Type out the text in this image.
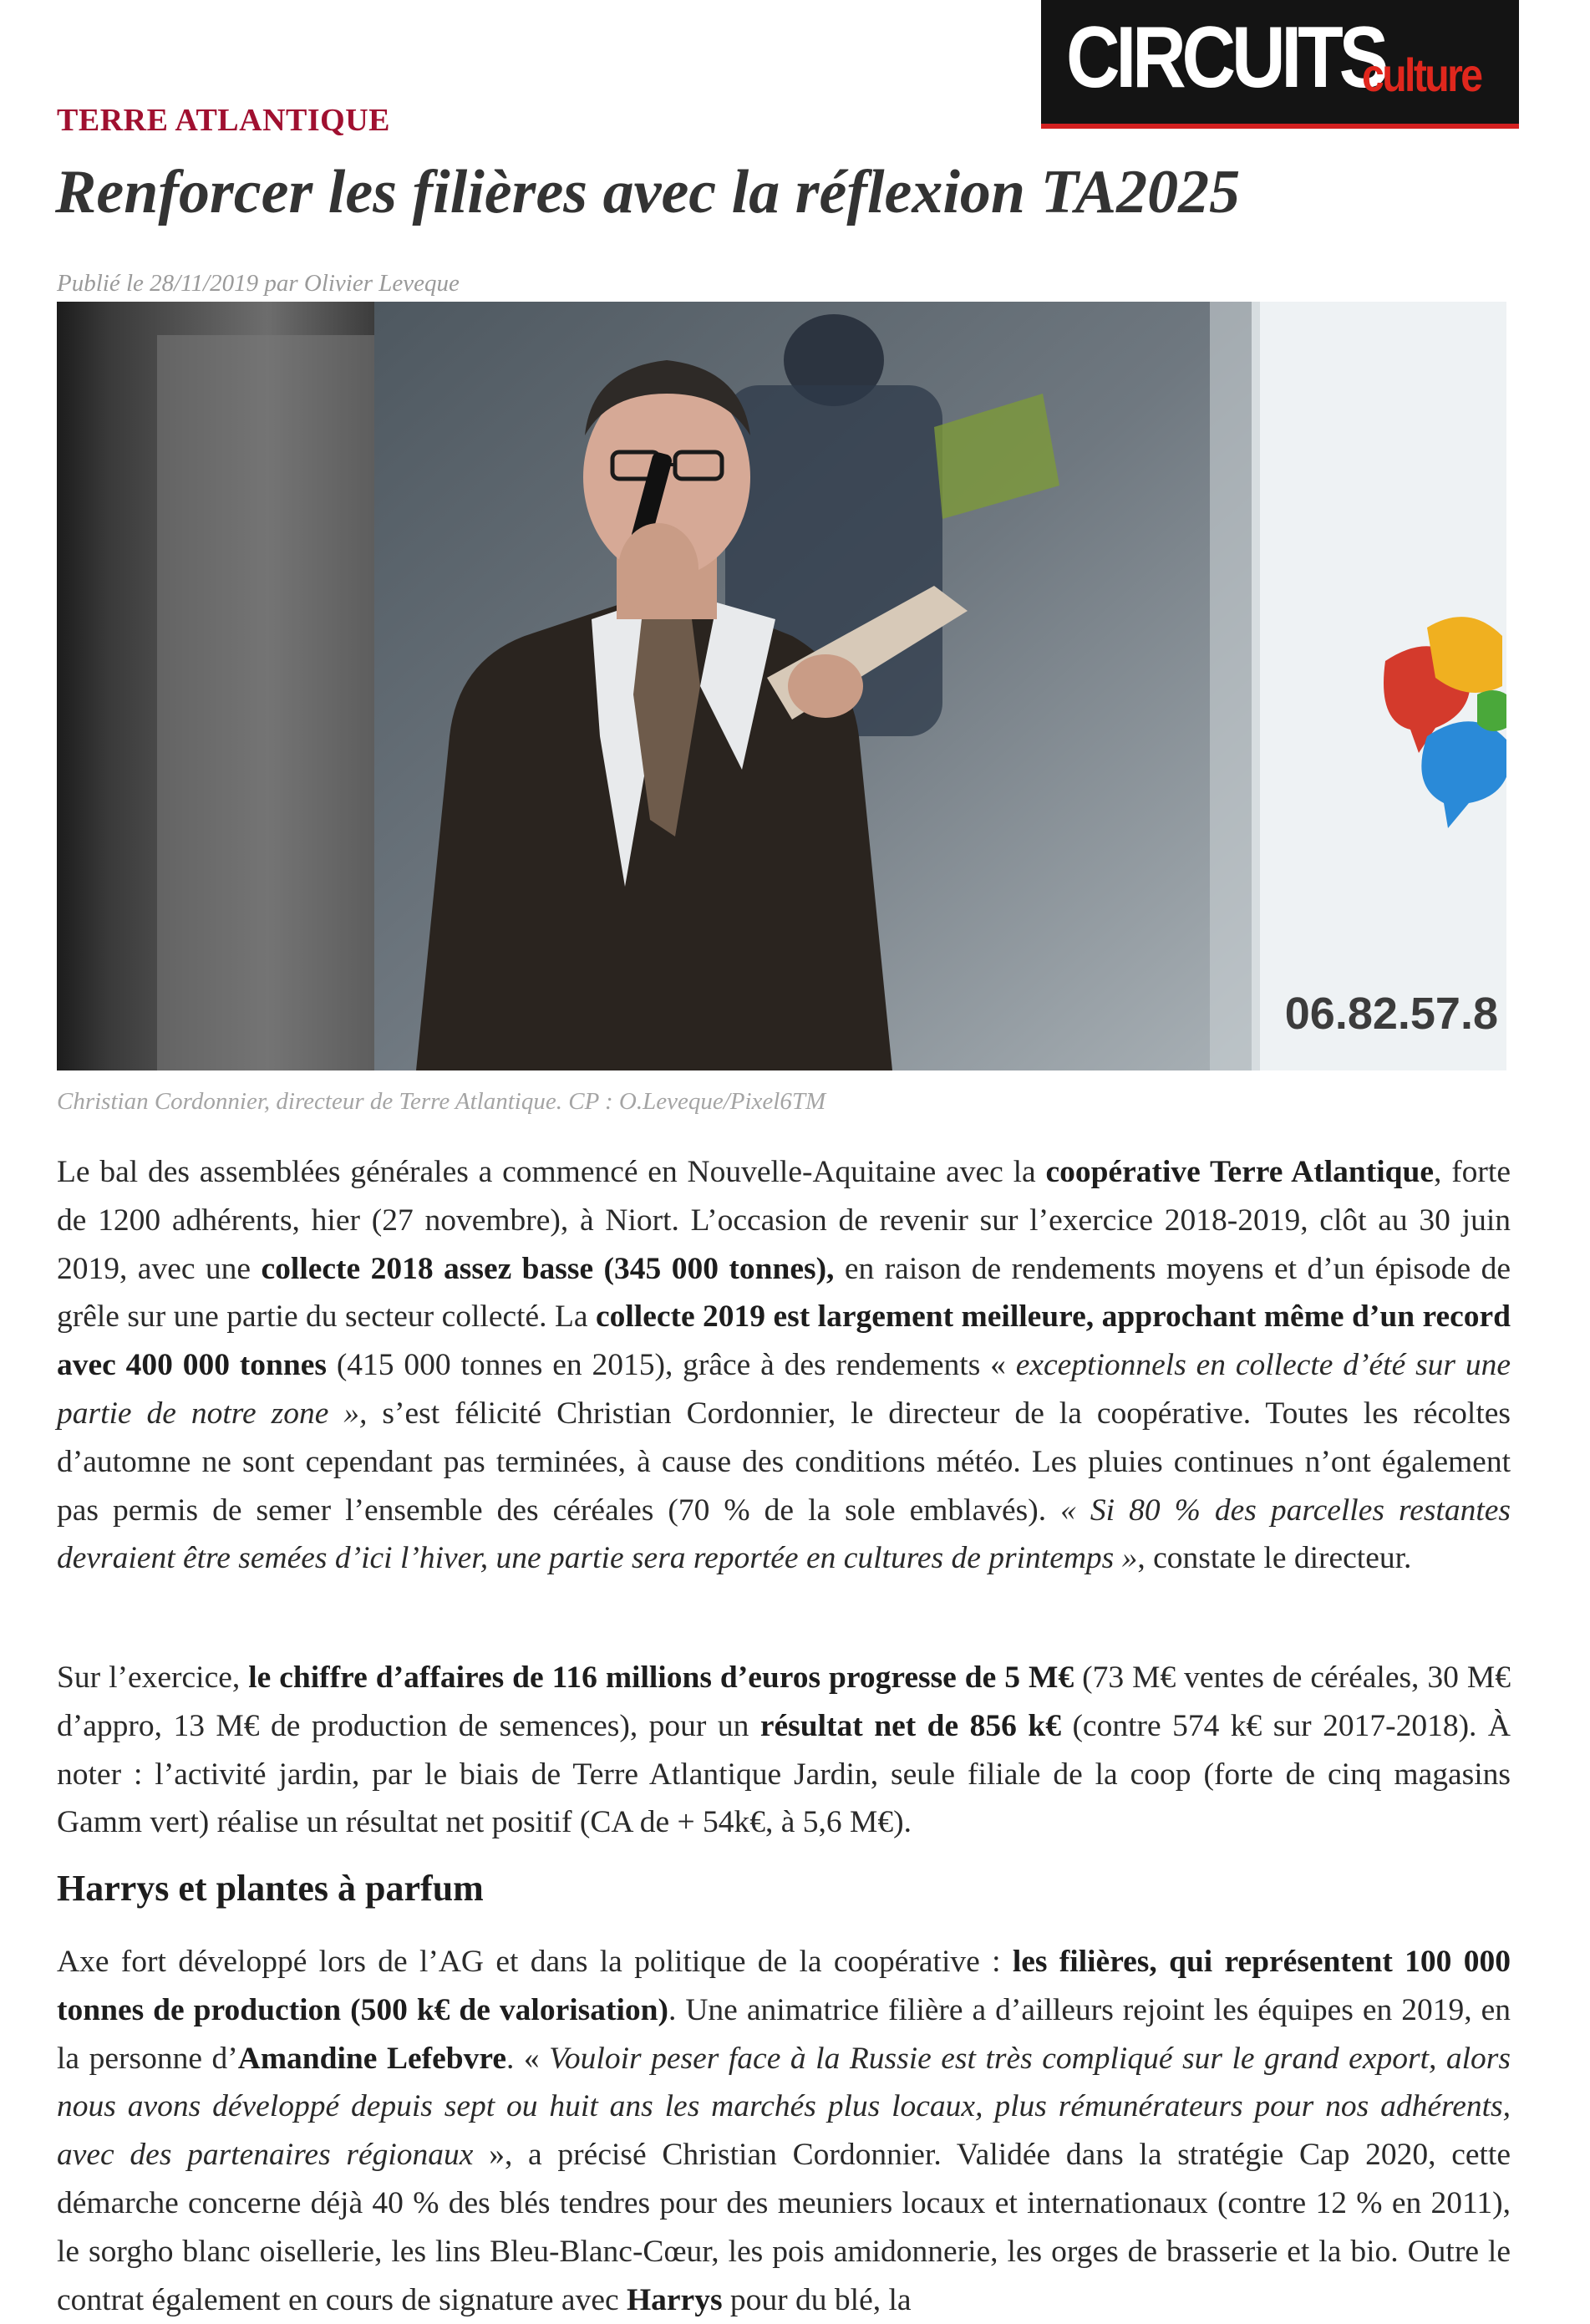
CIRCUITS
culture
TERRE ATLANTIQUE
Renforcer les filières avec la réflexion TA2025
Publié le 28/11/2019 par Olivier Leveque
06.82.57.8
Christian Cordonnier, directeur de Terre Atlantique. CP : O.Leveque/Pixel6TM

Le bal des assemblées générales a commencé en Nouvelle-Aquitaine avec la coopérative Terre Atlantique, forte de 1200 adhérents, hier (27 novembre), à Niort. L’occasion de revenir sur l’exercice 2018-2019, clôt au 30 juin 2019, avec une collecte 2018 assez basse (345 000 tonnes), en raison de rendements moyens et d’un épisode de grêle sur une partie du secteur collecté. La collecte 2019 est largement meilleure, approchant même d’un record avec 400 000 tonnes (415 000 tonnes en 2015), grâce à des rendements « exceptionnels en collecte d’été sur une partie de notre zone », s’est félicité Christian Cordonnier, le directeur de la coopérative. Toutes les récoltes d’automne ne sont cependant pas terminées, à cause des conditions météo. Les pluies continues n’ont également pas permis de semer l’ensemble des céréales (70 % de la sole emblavés). « Si 80 % des parcelles restantes devraient être semées d’ici l’hiver, une partie sera reportée en cultures de printemps », constate le directeur.

Sur l’exercice, le chiffre d’affaires de 116 millions d’euros progresse de 5 M€ (73 M€ ventes de céréales, 30 M€ d’appro, 13 M€ de production de semences), pour un résultat net de 856 k€ (contre 574 k€ sur 2017-2018). À noter : l’activité jardin, par le biais de Terre Atlantique Jardin, seule filiale de la coop (forte de cinq magasins Gamm vert) réalise un résultat net positif (CA de + 54k€, à 5,6 M€).

Harrys et plantes à parfum

Axe fort développé lors de l’AG et dans la politique de la coopérative : les filières, qui représentent 100 000 tonnes de production (500 k€ de valorisation). Une animatrice filière a d’ailleurs rejoint les équipes en 2019, en la personne d’Amandine Lefebvre. « Vouloir peser face à la Russie est très compliqué sur le grand export, alors nous avons développé depuis sept ou huit ans les marchés plus locaux, plus rémunérateurs pour nos adhérents, avec des partenaires régionaux », a précisé Christian Cordonnier. Validée dans la stratégie Cap 2020, cette démarche concerne déjà 40 % des blés tendres pour des meuniers locaux et internationaux (contre 12 % en 2011), le sorgho blanc oisellerie, les lins Bleu-Blanc-Cœur, les pois amidonnerie, les orges de brasserie et la bio. Outre le contrat également en cours de signature avec Harrys pour du blé, la
